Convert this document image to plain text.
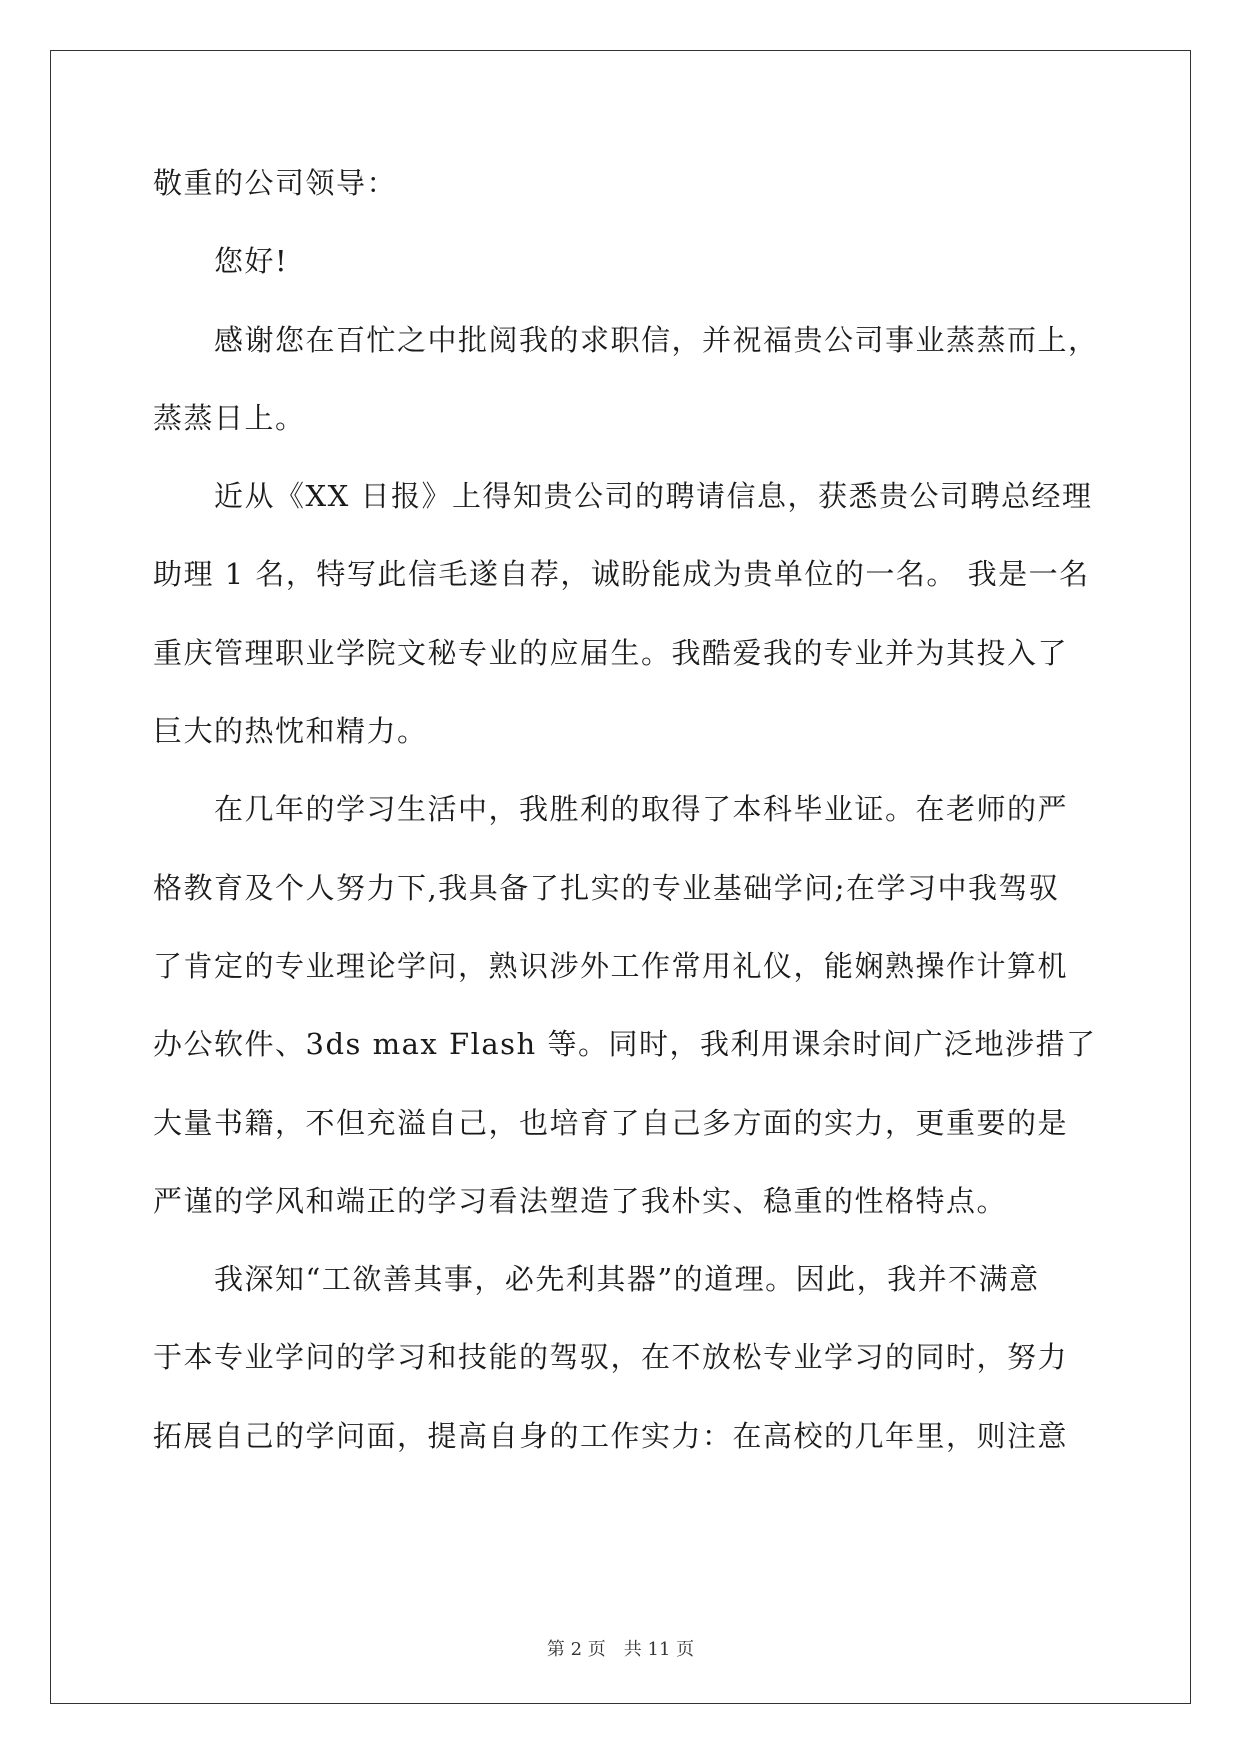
敬重的公司领导：
　　您好!
　　感谢您在百忙之中批阅我的求职信，并祝福贵公司事业蒸蒸而上，
蒸蒸日上。
　　近从《XX 日报》上得知贵公司的聘请信息，获悉贵公司聘总经理
助理 1 名，特写此信毛遂自荐，诚盼能成为贵单位的一名。 我是一名
重庆管理职业学院文秘专业的应届生。我酷爱我的专业并为其投入了
巨大的热忱和精力。
　　在几年的学习生活中，我胜利的取得了本科毕业证。在老师的严
格教育及个人努力下,我具备了扎实的专业基础学问;在学习中我驾驭
了肯定的专业理论学问，熟识涉外工作常用礼仪，能娴熟操作计算机
办公软件、3ds max Flash 等。同时，我利用课余时间广泛地涉措了
大量书籍，不但充溢自己，也培育了自己多方面的实力，更重要的是
严谨的学风和端正的学习看法塑造了我朴实、稳重的性格特点。
　　我深知“工欲善其事，必先利其器”的道理。因此，我并不满意
于本专业学问的学习和技能的驾驭，在不放松专业学习的同时，努力
拓展自己的学问面，提高自身的工作实力：在高校的几年里，则注意
第 2 页　共 11 页
